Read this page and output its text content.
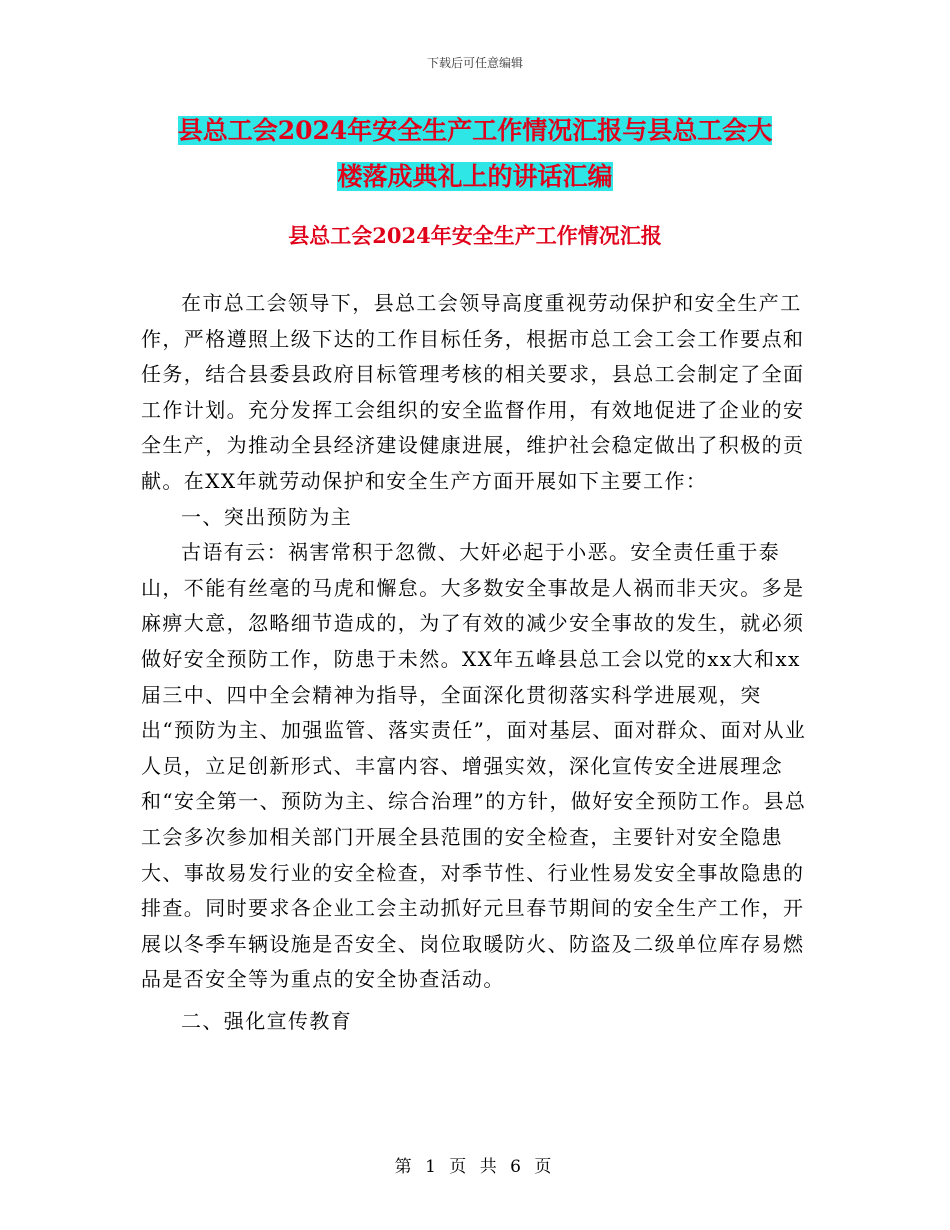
下载后可任意编辑
县总工会2024年安全生产工作情况汇报与县总工会大
楼落成典礼上的讲话汇编
县总工会2024年安全生产工作情况汇报

在市总工会领导下，县总工会领导高度重视劳动保护和安全生产工作，严格遵照上级下达的工作目标任务，根据市总工会工会工作要点和任务，结合县委县政府目标管理考核的相关要求，县总工会制定了全面工作计划。充分发挥工会组织的安全监督作用，有效地促进了企业的安全生产，为推动全县经济建设健康进展，维护社会稳定做出了积极的贡献。在XX年就劳动保护和安全生产方面开展如下主要工作：

一、突出预防为主

古语有云：祸害常积于忽微、大奸必起于小恶。安全责任重于泰山，不能有丝毫的马虎和懈怠。大多数安全事故是人祸而非天灾。多是麻痹大意，忽略细节造成的，为了有效的减少安全事故的发生，就必须做好安全预防工作，防患于未然。XX年五峰县总工会以党的xx大和xx届三中、四中全会精神为指导，全面深化贯彻落实科学进展观，突出“预防为主、加强监管、落实责任”，面对基层、面对群众、面对从业人员，立足创新形式、丰富内容、增强实效，深化宣传安全进展理念和“安全第一、预防为主、综合治理”的方针，做好安全预防工作。县总工会多次参加相关部门开展全县范围的安全检查，主要针对安全隐患大、事故易发行业的安全检查，对季节性、行业性易发安全事故隐患的排查。同时要求各企业工会主动抓好元旦春节期间的安全生产工作，开展以冬季车辆设施是否安全、岗位取暖防火、防盗及二级单位库存易燃品是否安全等为重点的安全协查活动。

二、强化宣传教育

第 1 页 共 6 页
